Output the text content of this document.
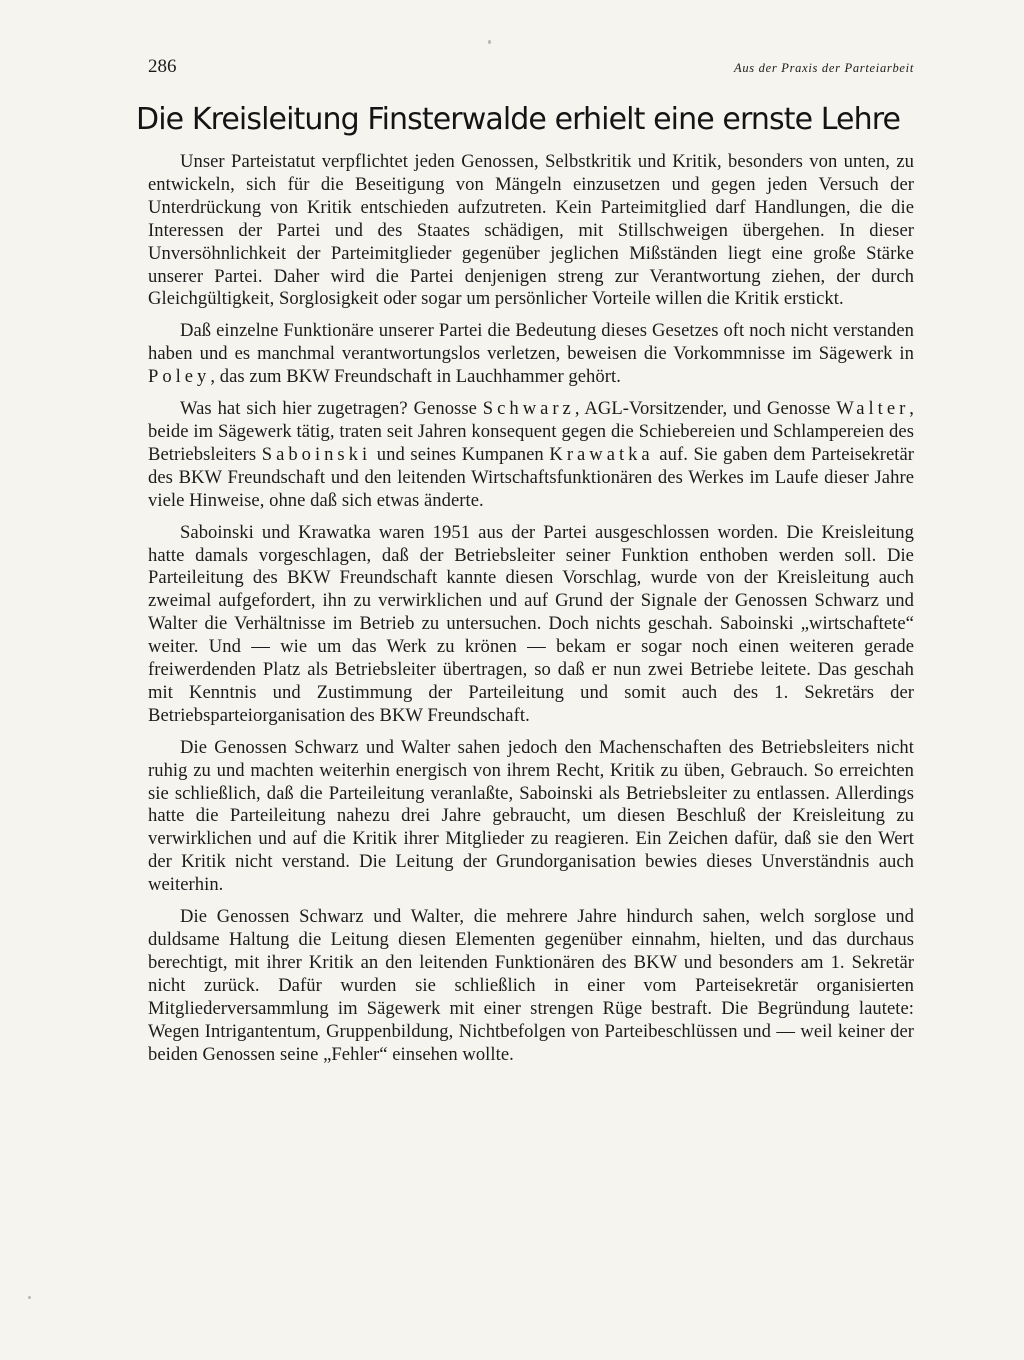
286	Aus der Praxis der Parteiarbeit
Die Kreisleitung Finsterwalde erhielt eine ernste Lehre

Unser Parteistatut verpflichtet jeden Genossen, Selbstkritik und Kritik, besonders von unten, zu entwickeln, sich für die Beseitigung von Mängeln einzusetzen und gegen jeden Versuch der Unterdrückung von Kritik entschieden aufzutreten. Kein Parteimitglied darf Handlungen, die die Interessen der Partei und des Staates schädigen, mit Stillschweigen übergehen. In dieser Unversöhnlichkeit der Parteimitglieder gegenüber jeglichen Mißständen liegt eine große Stärke unserer Partei. Daher wird die Partei denjenigen streng zur Verantwortung ziehen, der durch Gleichgültigkeit, Sorglosigkeit oder sogar um persönlicher Vorteile willen die Kritik erstickt.

Daß einzelne Funktionäre unserer Partei die Bedeutung dieses Gesetzes oft noch nicht verstanden haben und es manchmal verantwortungslos verletzen, beweisen die Vorkommnisse im Sägewerk in Poley, das zum BKW Freundschaft in Lauchhammer gehört.

Was hat sich hier zugetragen? Genosse Schwarz, AGL-Vorsitzender, und Genosse Walter, beide im Sägewerk tätig, traten seit Jahren konsequent gegen die Schiebereien und Schlampereien des Betriebsleiters Saboinski und seines Kumpanen Krawatka auf. Sie gaben dem Parteisekretär des BKW Freundschaft und den leitenden Wirtschaftsfunktionären des Werkes im Laufe dieser Jahre viele Hinweise, ohne daß sich etwas änderte.

Saboinski und Krawatka waren 1951 aus der Partei ausgeschlossen worden. Die Kreisleitung hatte damals vorgeschlagen, daß der Betriebsleiter seiner Funktion enthoben werden soll. Die Parteileitung des BKW Freundschaft kannte diesen Vorschlag, wurde von der Kreisleitung auch zweimal aufgefordert, ihn zu verwirklichen und auf Grund der Signale der Genossen Schwarz und Walter die Verhältnisse im Betrieb zu untersuchen. Doch nichts geschah. Saboinski „wirtschaftete“ weiter. Und — wie um das Werk zu krönen — bekam er sogar noch einen weiteren gerade freiwerdenden Platz als Betriebsleiter übertragen, so daß er nun zwei Betriebe leitete. Das geschah mit Kenntnis und Zustimmung der Parteileitung und somit auch des 1. Sekretärs der Betriebsparteiorganisation des BKW Freundschaft.

Die Genossen Schwarz und Walter sahen jedoch den Machenschaften des Betriebsleiters nicht ruhig zu und machten weiterhin energisch von ihrem Recht, Kritik zu üben, Gebrauch. So erreichten sie schließlich, daß die Parteileitung veranlaßte, Saboinski als Betriebsleiter zu entlassen. Allerdings hatte die Parteileitung nahezu drei Jahre gebraucht, um diesen Beschluß der Kreisleitung zu verwirklichen und auf die Kritik ihrer Mitglieder zu reagieren. Ein Zeichen dafür, daß sie den Wert der Kritik nicht verstand. Die Leitung der Grundorganisation bewies dieses Unverständnis auch weiterhin.

Die Genossen Schwarz und Walter, die mehrere Jahre hindurch sahen, welch sorglose und duldsame Haltung die Leitung diesen Elementen gegenüber einnahm, hielten, und das durchaus berechtigt, mit ihrer Kritik an den leitenden Funktionären des BKW und besonders am 1. Sekretär nicht zurück. Dafür wurden sie schließlich in einer vom Parteisekretär organisierten Mitgliederversammlung im Sägewerk mit einer strengen Rüge bestraft. Die Begründung lautete: Wegen Intrigantentum, Gruppenbildung, Nichtbefolgen von Parteibeschlüssen und — weil keiner der beiden Genossen seine „Fehler“ einsehen wollte.
